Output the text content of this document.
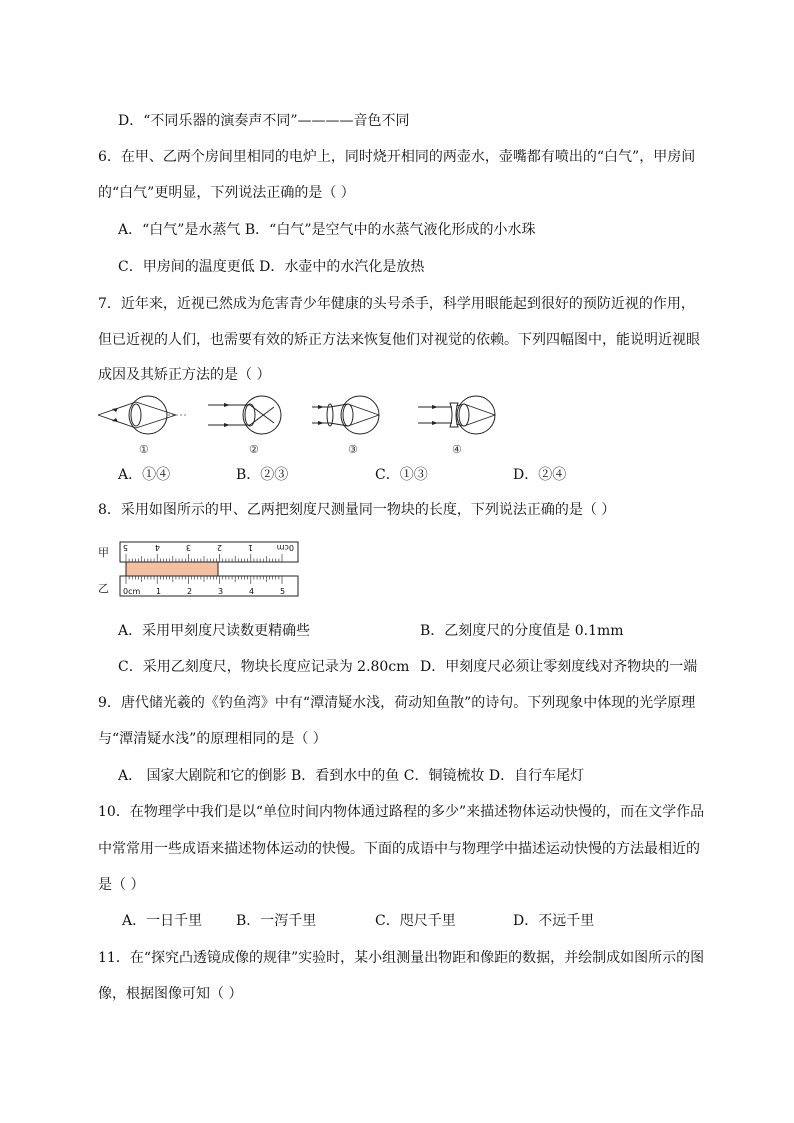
D．“不同乐器的演奏声不同”————音色不同
6．在甲、乙两个房间里相同的电炉上，同时烧开相同的两壶水，壶嘴都有喷出的“白气”，甲房间
的“白气”更明显，下列说法正确的是（ ）
A．“白气”是水蒸气 B．“白气”是空气中的水蒸气液化形成的小水珠
C．甲房间的温度更低 D．水壶中的水汽化是放热
7．近年来，近视已然成为危害青少年健康的头号杀手，科学用眼能起到很好的预防近视的作用，
但已近视的人们，也需要有效的矫正方法来恢复他们对视觉的依赖。下列四幅图中，能说明近视眼
成因及其矫正方法的是（ ）
①	②	③	④
A．①④	B．②③	C．①③	D．②④
8．采用如图所示的甲、乙两把刻度尺测量同一物块的长度，下列说法正确的是（ ）
甲
乙
5	4	3	2	1	0cm
0cm 1	2	3	4	5
A．采用甲刻度尺读数更精确些	B．乙刻度尺的分度值是 0.1mm
C．采用乙刻度尺，物块长度应记录为 2.80cm D．甲刻度尺必须让零刻度线对齐物块的一端
9．唐代储光羲的《钓鱼湾》中有“潭清疑水浅，荷动知鱼散”的诗句。下列现象中体现的光学原理
与“潭清疑水浅”的原理相同的是（ ）
A． 国家大剧院和它的倒影 B．看到水中的鱼 C．铜镜梳妆 D．自行车尾灯
10．在物理学中我们是以“单位时间内物体通过路程的多少”来描述物体运动快慢的，而在文学作品
中常常用一些成语来描述物体运动的快慢。下面的成语中与物理学中描述运动快慢的方法最相近的
是（ ）
A．一日千里 B．一泻千里	C．咫尺千里	D．不远千里
11．在“探究凸透镜成像的规律”实验时，某小组测量出物距和像距的数据，并绘制成如图所示的图
像，根据图像可知（ ）
